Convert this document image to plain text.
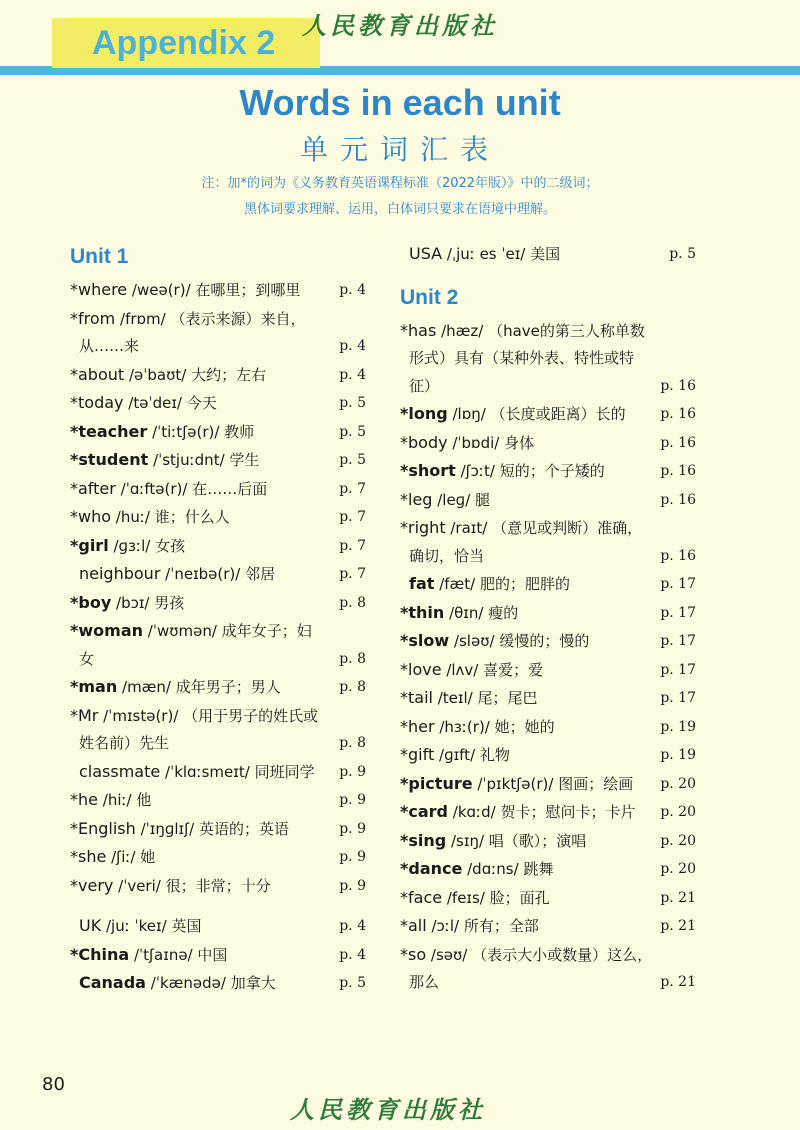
Appendix 2 人民教育出版社
Words in each unit
单元词汇表
注：加*的词为《义务教育英语课程标准（2022年版）》中的二级词；
黑体词要求理解、运用，白体词只要求在语境中理解。
Unit 1
*where /weə(r)/ 在哪里；到哪里	p. 4
*from /frɒm/ （表示来源）来自，从……来	p. 4
*about /əˈbaʊt/ 大约；左右	p. 4
*today /təˈdeɪ/ 今天	p. 5
*teacher /ˈtiːtʃə(r)/ 教师	p. 5
*student /ˈstjuːdnt/ 学生	p. 5
*after /ˈɑːftə(r)/ 在……后面	p. 7
*who /huː/ 谁；什么人	p. 7
*girl /ɡɜːl/ 女孩	p. 7
neighbour /ˈneɪbə(r)/ 邻居	p. 7
*boy /bɔɪ/ 男孩	p. 8
*woman /ˈwʊmən/ 成年女子；妇女	p. 8
*man /mæn/ 成年男子；男人	p. 8
*Mr /ˈmɪstə(r)/ （用于男子的姓氏或姓名前）先生	p. 8
classmate /ˈklɑːsmeɪt/ 同班同学 p. 9
*he /hiː/ 他	p. 9
*English /ˈɪŋɡlɪʃ/ 英语的；英语	p. 9
*she /ʃiː/ 她	p. 9
*very /ˈveri/ 很；非常；十分	p. 9
UK /juː ˈkeɪ/ 英国	p. 4
*China /ˈtʃaɪnə/ 中国	p. 4
Canada /ˈkænədə/ 加拿大	p. 5
USA /ˌjuː es ˈeɪ/ 美国	p. 5
Unit 2
*has /hæz/ （have的第三人称单数形式）具有（某种外表、特性或特征）	p. 16
*long /lɒŋ/ （长度或距离）长的 p. 16
*body /ˈbɒdi/ 身体	p. 16
*short /ʃɔːt/ 短的；个子矮的	p. 16
*leg /leɡ/ 腿	p. 16
*right /raɪt/ （意见或判断）准确，确切，恰当	p. 16
fat /fæt/ 肥的；肥胖的	p. 17
*thin /θɪn/ 瘦的	p. 17
*slow /sləʊ/ 缓慢的；慢的	p. 17
*love /lʌv/ 喜爱；爱	p. 17
*tail /teɪl/ 尾；尾巴	p. 17
*her /hɜː(r)/ 她；她的	p. 19
*gift /ɡɪft/ 礼物	p. 19
*picture /ˈpɪktʃə(r)/ 图画；绘画 p. 20
*card /kɑːd/ 贺卡；慰问卡；卡片 p. 20
*sing /sɪŋ/ 唱（歌）；演唱	p. 20
*dance /dɑːns/ 跳舞	p. 20
*face /feɪs/ 脸；面孔	p. 21
*all /ɔːl/ 所有；全部	p. 21
*so /səʊ/ （表示大小或数量）这么，那么	p. 21
80
人民教育出版社
